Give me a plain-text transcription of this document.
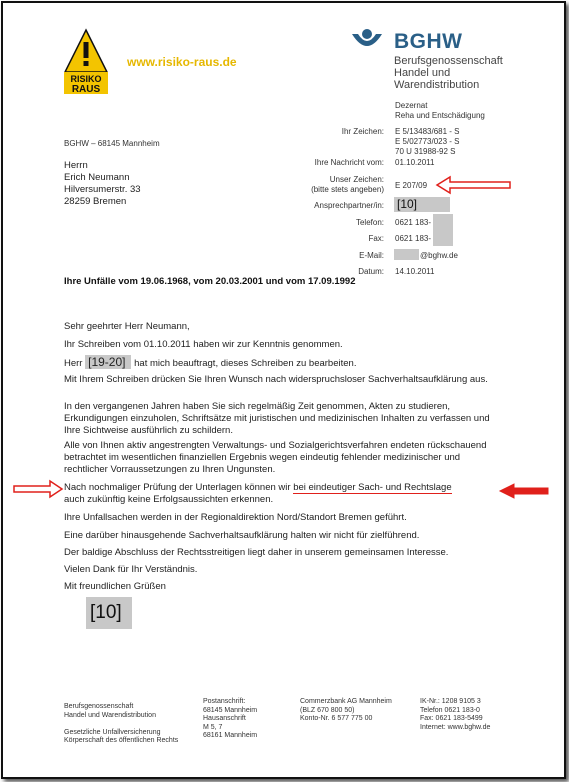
RISIKO
RAUS
www.risiko-raus.de
BGHW
Berufsgenossenschaft
Handel und
Warendistribution
Dezernat
Reha und Entschädigung
BGHW – 68145 Mannheim
Herrn
Erich Neumann
Hilversumerstr. 33
28259 Bremen
Ihr Zeichen: E 5/13483/681 - S
E 5/02773/023 - S
70 U 31988-92 S
Ihre Nachricht vom: 01.10.2011
Unser Zeichen:
(bitte stets angeben) E 207/09
Ansprechpartner/in: [10]
Telefon: 0621 183-
Fax: 0621 183-
E-Mail:	@bghw.de
Datum: 14.10.2011
Ihre Unfälle vom 19.06.1968, vom 20.03.2001 und vom 17.09.1992
Sehr geehrter Herr Neumann,
Ihr Schreiben vom 01.10.2011 haben wir zur Kenntnis genommen.
Herr [19-20] hat mich beauftragt, dieses Schreiben zu bearbeiten.
Mit Ihrem Schreiben drücken Sie Ihren Wunsch nach widerspruchsloser Sachverhaltsaufklärung aus.
In den vergangenen Jahren haben Sie sich regelmäßig Zeit genommen, Akten zu studieren, Erkundigungen einzuholen, Schriftsätze mit juristischen und medizinischen Inhalten zu verfassen und Ihre Sichtweise ausführlich zu schildern.
Alle von Ihnen aktiv angestrengten Verwaltungs- und Sozialgerichtsverfahren endeten rückschauend betrachtet im wesentlichen finanziellen Ergebnis wegen eindeutig fehlender medizinischer und rechtlicher Vorraussetzungen zu Ihren Ungunsten.
Nach nochmaliger Prüfung der Unterlagen können wir bei eindeutiger Sach- und Rechtslage
auch zukünftig keine Erfolgsaussichten erkennen.
Ihre Unfallsachen werden in der Regionaldirektion Nord/Standort Bremen geführt.
Eine darüber hinausgehende Sachverhaltsaufklärung halten wir nicht für zielführend.
Der baldige Abschluss der Rechtsstreitigen liegt daher in unserem gemeinsamen Interesse.
Vielen Dank für Ihr Verständnis.
Mit freundlichen Grüßen
[10]
Berufsgenossenschaft
Handel und Warendistribution

Gesetzliche Unfallversicherung
Körperschaft des öffentlichen Rechts
Postanschrift:
68145 Mannheim
Hausanschrift
M 5, 7
68161 Mannheim
Commerzbank AG Mannheim
(BLZ 670 800 50)
Konto-Nr. 6 577 775 00
IK-Nr.: 1208 9105 3
Telefon 0621 183-0
Fax: 0621 183-5499
Internet: www.bghw.de
